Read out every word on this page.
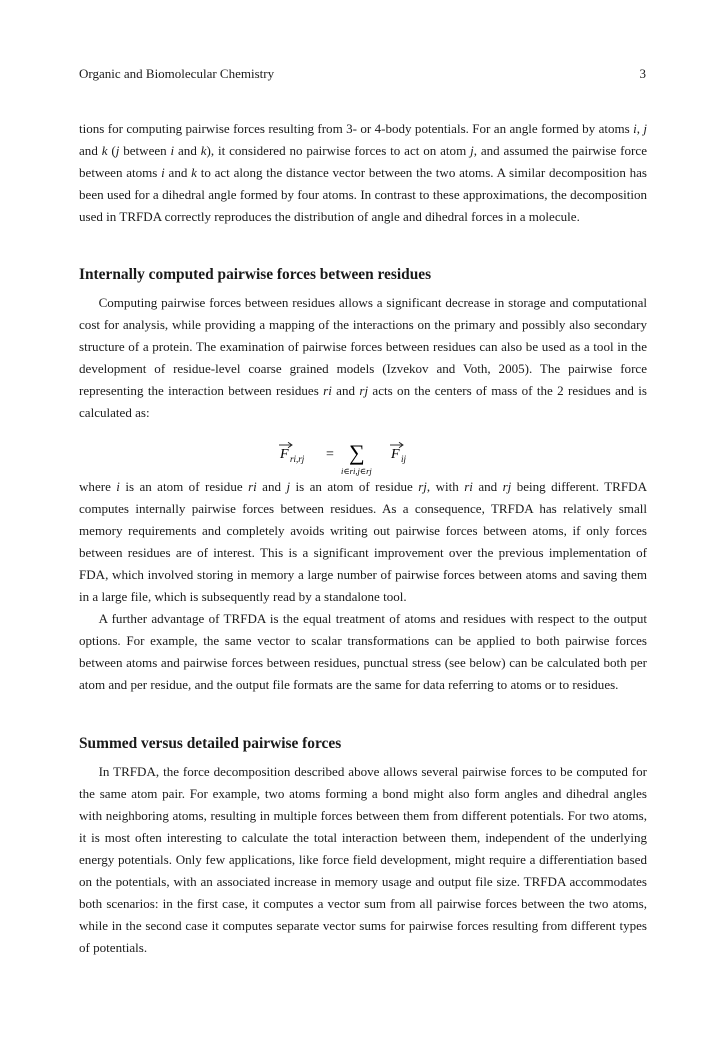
Organic and Biomolecular Chemistry	3

tions for computing pairwise forces resulting from 3- or 4-body potentials. For an angle formed by atoms i, j and k (j between i and k), it considered no pairwise forces to act on atom j, and assumed the pairwise force between atoms i and k to act along the distance vector between the two atoms. A similar decomposition has been used for a dihedral angle formed by four atoms. In contrast to these approximations, the decomposition used in TRFDA correctly reproduces the distribution of angle and dihedral forces in a molecule.

Internally computed pairwise forces between residues

Computing pairwise forces between residues allows a significant decrease in storage and computational cost for analysis, while providing a mapping of the interactions on the primary and possibly also secondary structure of a protein. The examination of pairwise forces between residues can also be used as a tool in the development of residue-level coarse grained models (Izvekov and Voth, 2005). The pairwise force representing the interaction between residues ri and rj acts on the centers of mass of the 2 residues and is calculated as:

F ri,rj = ∑
i∈ri,j∈rj
F ij

where i is an atom of residue ri and j is an atom of residue rj, with ri and rj being different. TRFDA computes internally pairwise forces between residues. As a consequence, TRFDA has relatively small memory requirements and completely avoids writing out pairwise forces between atoms, if only forces between residues are of interest. This is a significant improvement over the previous implementation of FDA, which involved storing in memory a large number of pairwise forces between atoms and saving them in a large file, which is subsequently read by a standalone tool.

A further advantage of TRFDA is the equal treatment of atoms and residues with respect to the output options. For example, the same vector to scalar transformations can be applied to both pairwise forces between atoms and pairwise forces between residues, punctual stress (see below) can be calculated both per atom and per residue, and the output file formats are the same for data referring to atoms or to residues.

Summed versus detailed pairwise forces

In TRFDA, the force decomposition described above allows several pairwise forces to be computed for the same atom pair. For example, two atoms forming a bond might also form angles and dihedral angles with neighboring atoms, resulting in multiple forces between them from different potentials. For two atoms, it is most often interesting to calculate the total interaction between them, independent of the underlying energy potentials. Only few applications, like force field development, might require a differentiation based on the potentials, with an associated increase in memory usage and output file size. TRFDA accommodates both scenarios: in the first case, it computes a vector sum from all pairwise forces between the two atoms, while in the second case it computes separate vector sums for pairwise forces resulting from different types of potentials.
